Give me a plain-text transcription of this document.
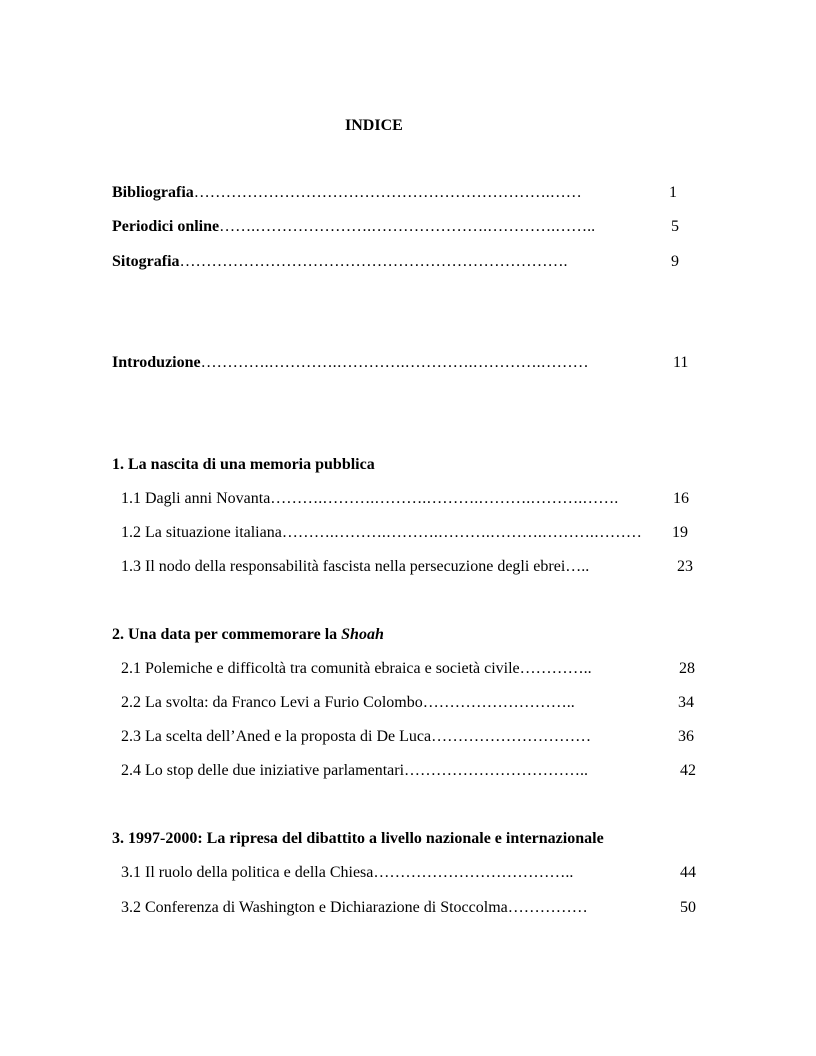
INDICE
Bibliografia………………………………………………………….……	1
Periodici online…….………………….………………….………….……..	5
Sitografia……………………………………………………………….	9
Introduzione………….………….………….………….………….………	11
1. La nascita di una memoria pubblica
1.1 Dagli anni Novanta……….……….……….……….……….……….…….	16
1.2 La situazione italiana……….……….……….……….……….……….……… 19
1.3 Il nodo della responsabilità fascista nella persecuzione degli ebrei…..	23
2. Una data per commemorare la Shoah
2.1 Polemiche e difficoltà tra comunità ebraica e società civile…………..	28
2.2 La svolta: da Franco Levi a Furio Colombo………………………..	34
2.3 La scelta dell’Aned e la proposta di De Luca…………………………	36
2.4 Lo stop delle due iniziative parlamentari……………………………..	42
3. 1997-2000: La ripresa del dibattito a livello nazionale e internazionale
3.1 Il ruolo della politica e della Chiesa………………………………..	44
3.2 Conferenza di Washington e Dichiarazione di Stoccolma……………	50
